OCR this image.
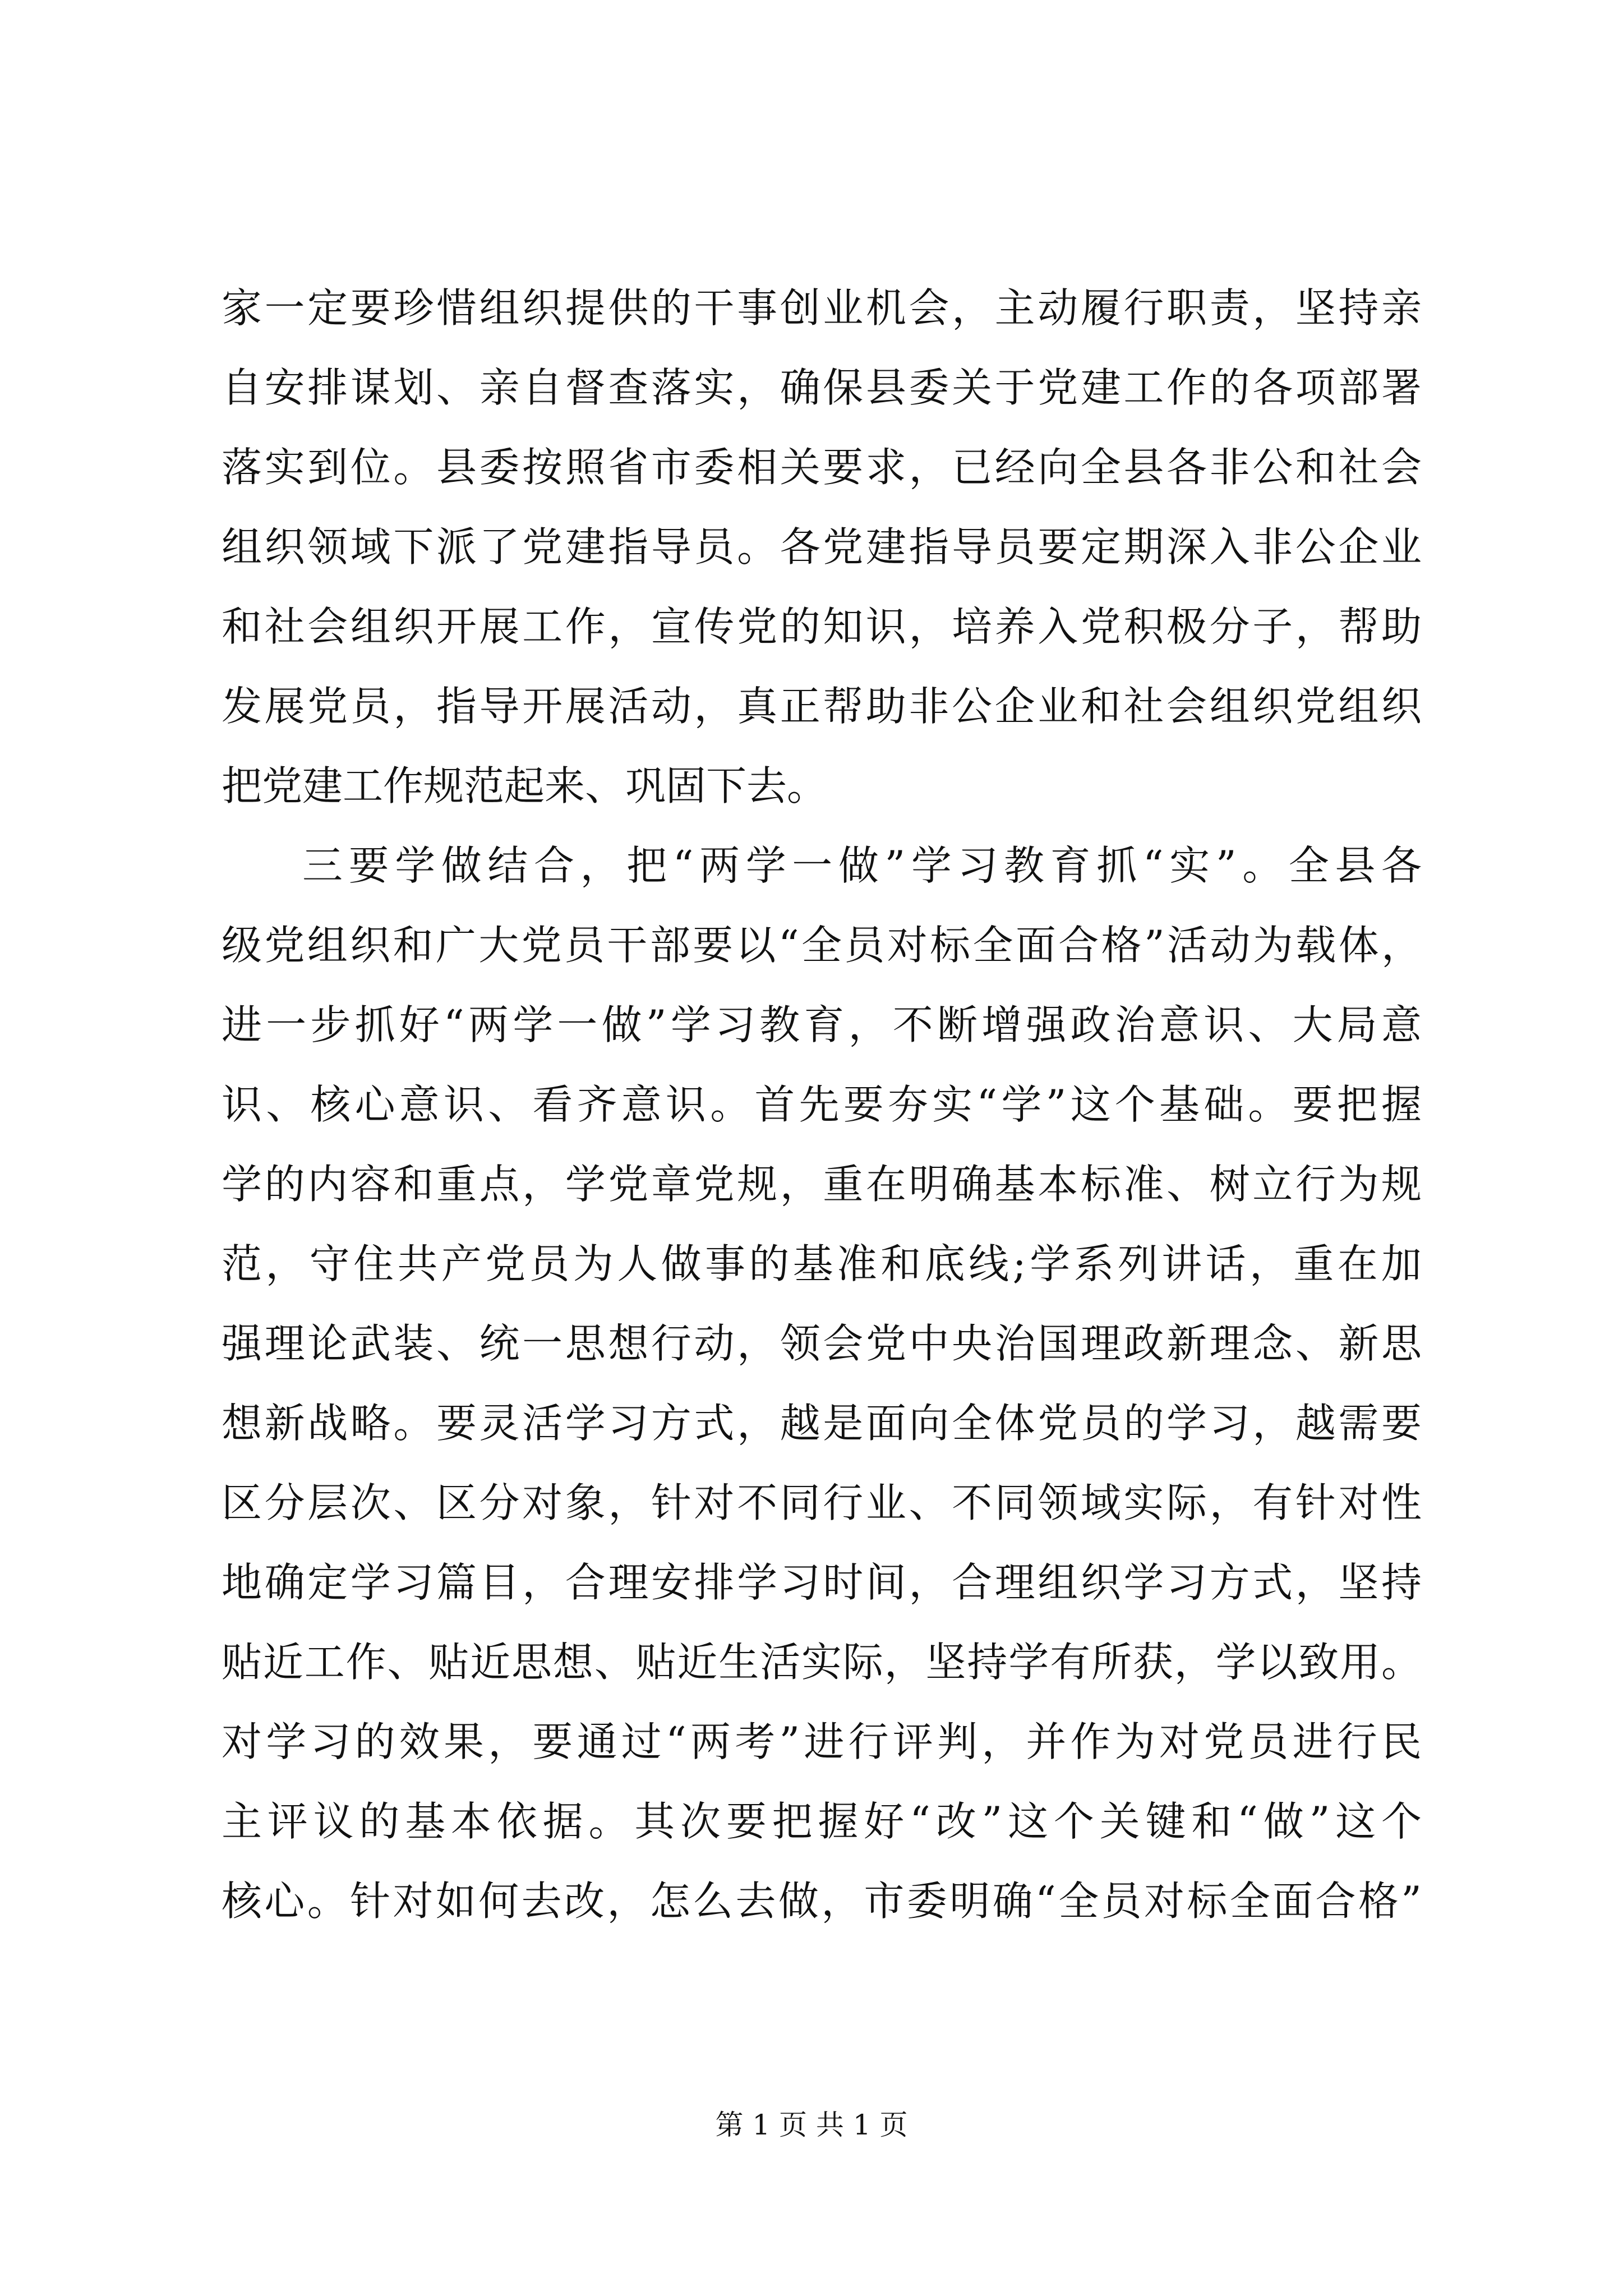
家一定要珍惜组织提供的干事创业机会，主动履行职责，坚持亲
自安排谋划、亲自督查落实，确保县委关于党建工作的各项部署
落实到位。县委按照省市委相关要求，已经向全县各非公和社会
组织领域下派了党建指导员。各党建指导员要定期深入非公企业
和社会组织开展工作，宣传党的知识，培养入党积极分子，帮助
发展党员，指导开展活动，真正帮助非公企业和社会组织党组织
把党建工作规范起来、巩固下去。
三要学做结合，把“两学一做”学习教育抓“实”。全县各
级党组织和广大党员干部要以“全员对标全面合格”活动为载体，
进一步抓好“两学一做”学习教育，不断增强政治意识、大局意
识、核心意识、看齐意识。首先要夯实“学”这个基础。要把握
学的内容和重点，学党章党规，重在明确基本标准、树立行为规
范，守住共产党员为人做事的基准和底线;学系列讲话，重在加
强理论武装、统一思想行动，领会党中央治国理政新理念、新思
想新战略。要灵活学习方式，越是面向全体党员的学习，越需要
区分层次、区分对象，针对不同行业、不同领域实际，有针对性
地确定学习篇目，合理安排学习时间，合理组织学习方式，坚持
贴近工作、贴近思想、贴近生活实际，坚持学有所获，学以致用。
对学习的效果，要通过“两考”进行评判，并作为对党员进行民
主评议的基本依据。其次要把握好“改”这个关键和“做”这个
核心。针对如何去改，怎么去做，市委明确“全员对标全面合格”
第 1 页 共 1 页
